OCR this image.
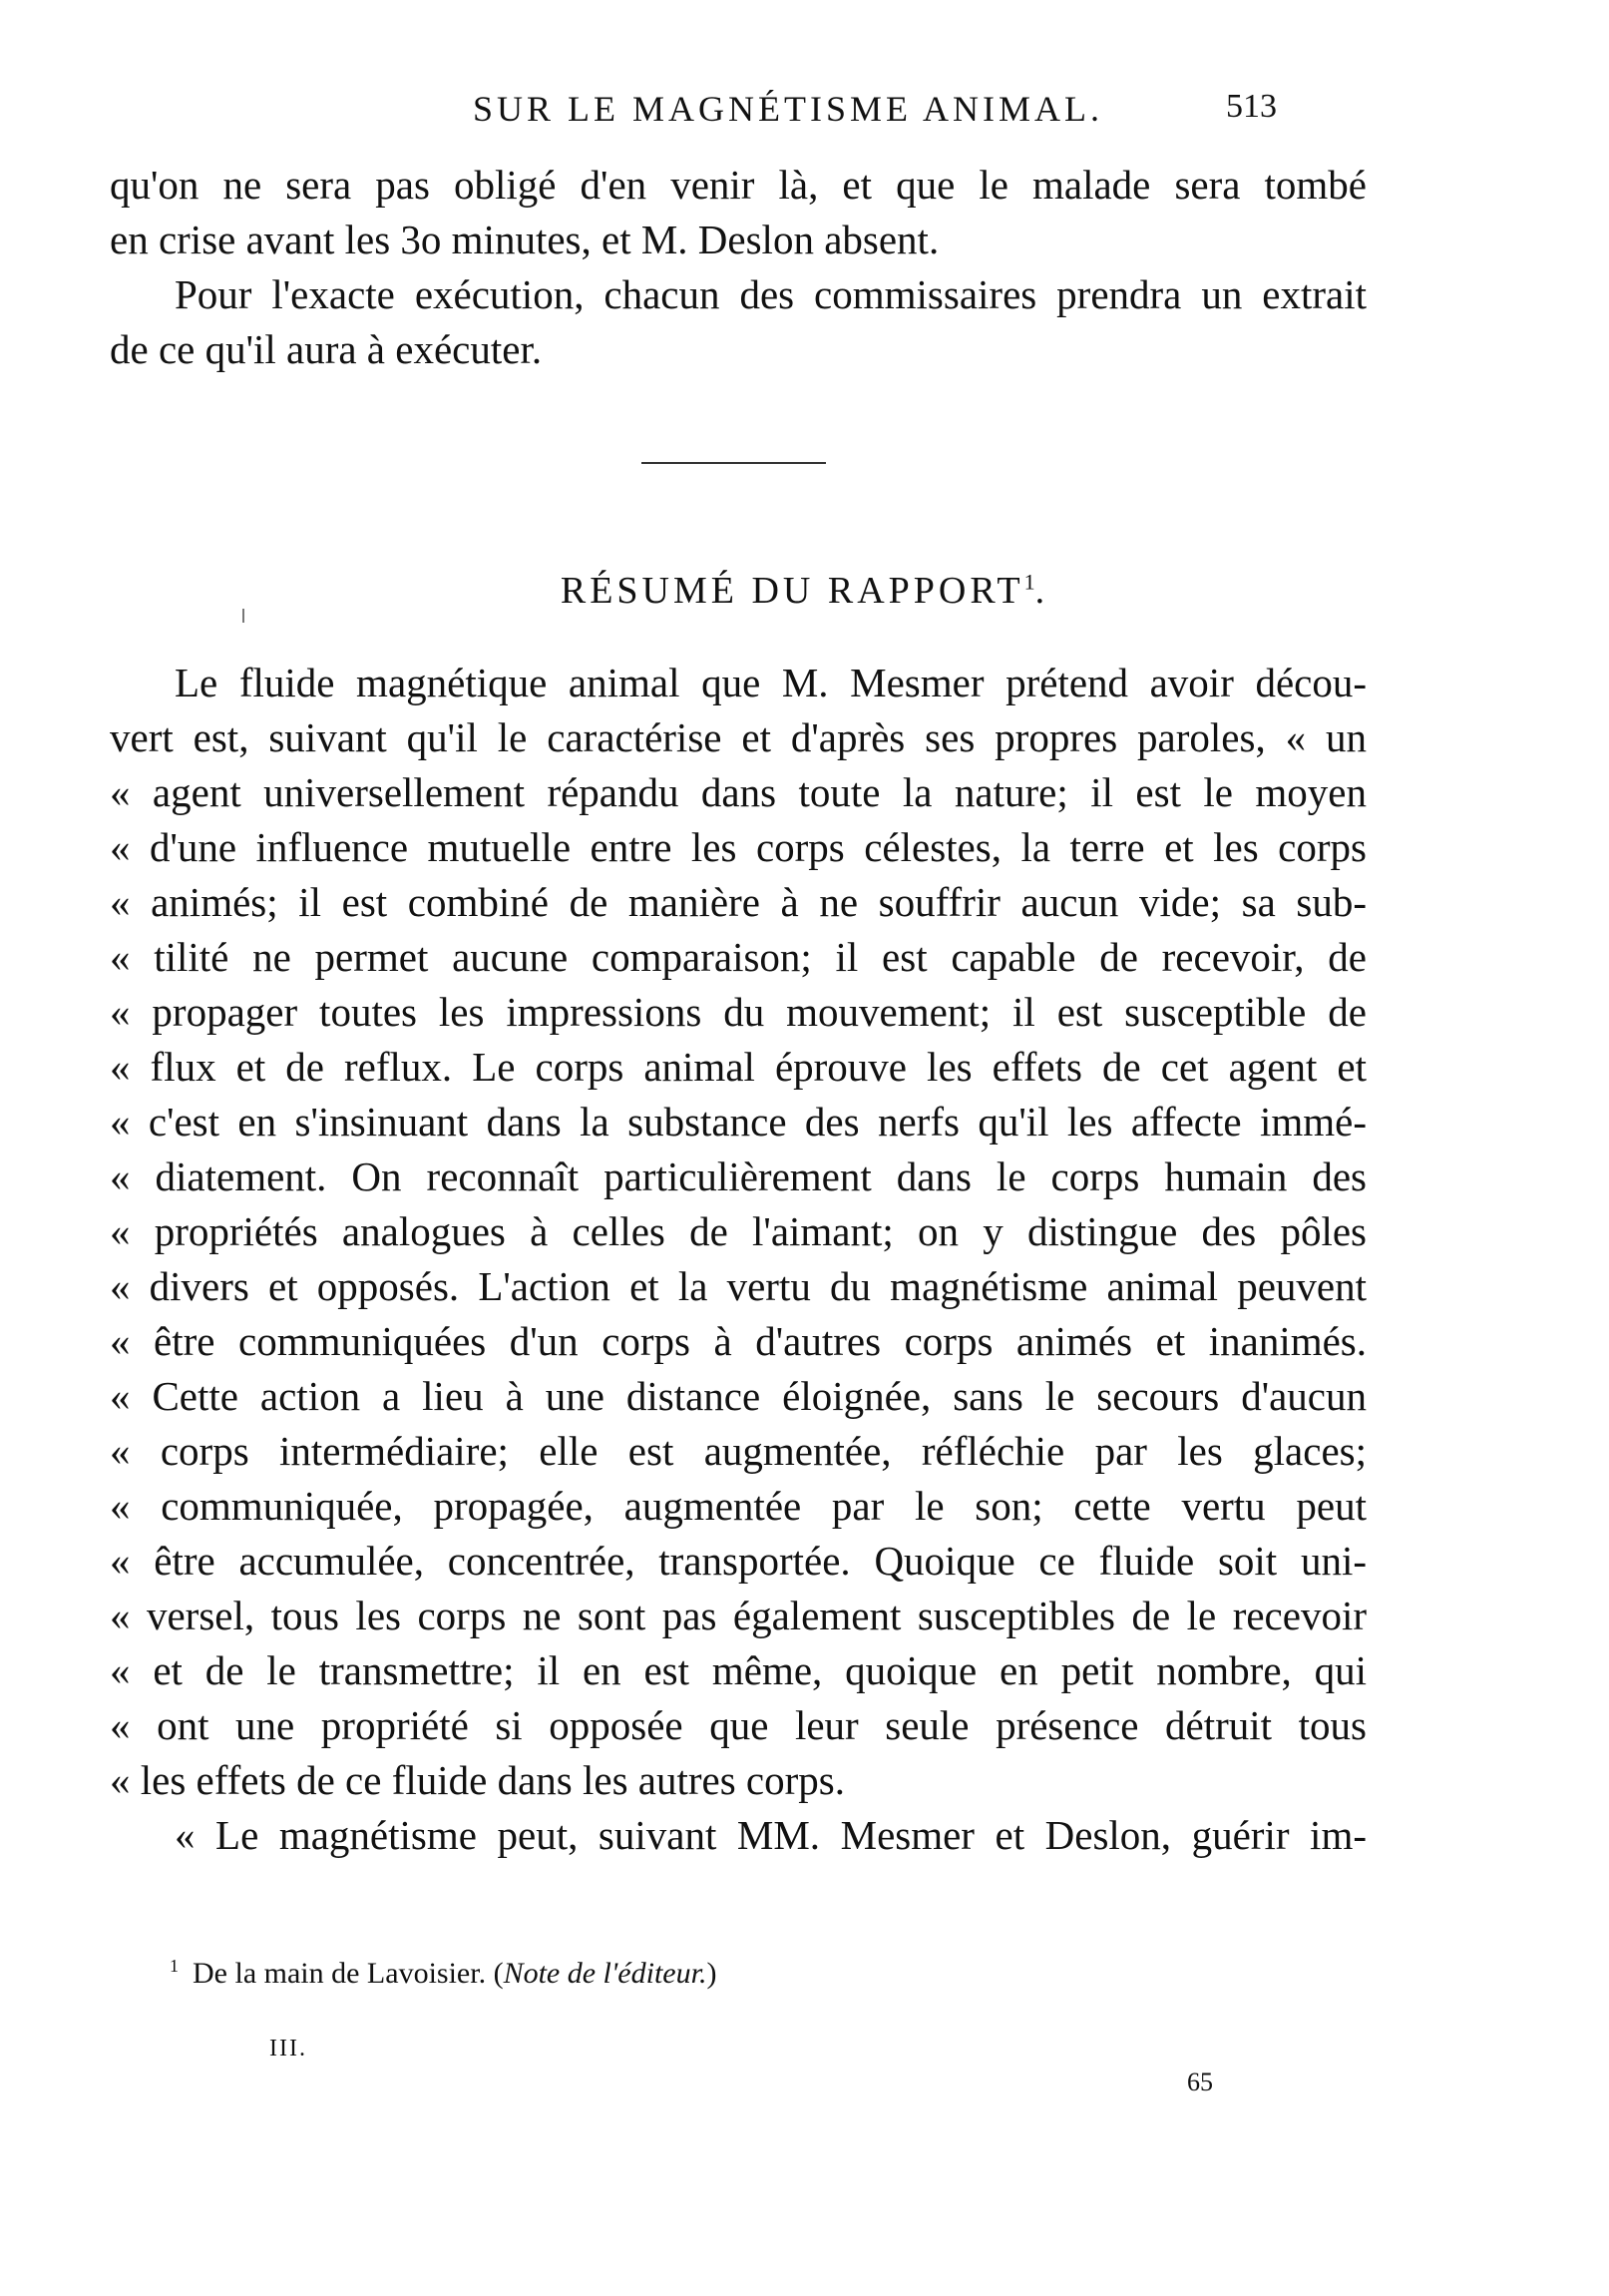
SUR LE MAGNÉTISME ANIMAL.	513
qu'on ne sera pas obligé d'en venir là, et que le malade sera tombé
en crise avant les 3o minutes, et M. Deslon absent.
Pour l'exacte exécution, chacun des commissaires prendra un extrait
de ce qu'il aura à exécuter.
RÉSUMÉ DU RAPPORT$^1$.
Le fluide magnétique animal que M. Mesmer prétend avoir décou-
vert est, suivant qu'il le caractérise et d'après ses propres paroles, « un
« agent universellement répandu dans toute la nature; il est le moyen
« d'une influence mutuelle entre les corps célestes, la terre et les corps
« animés; il est combiné de manière à ne souffrir aucun vide; sa sub-
« tilité ne permet aucune comparaison; il est capable de recevoir, de
« propager toutes les impressions du mouvement; il est susceptible de
« flux et de reflux. Le corps animal éprouve les effets de cet agent et
« c'est en s'insinuant dans la substance des nerfs qu'il les affecte immé-
« diatement. On reconnaît particulièrement dans le corps humain des
« propriétés analogues à celles de l'aimant; on y distingue des pôles
« divers et opposés. L'action et la vertu du magnétisme animal peuvent
« être communiquées d'un corps à d'autres corps animés et inanimés.
« Cette action a lieu à une distance éloignée, sans le secours d'aucun
« corps intermédiaire; elle est augmentée, réfléchie par les glaces;
« communiquée, propagée, augmentée par le son; cette vertu peut
« être accumulée, concentrée, transportée. Quoique ce fluide soit uni-
« versel, tous les corps ne sont pas également susceptibles de le recevoir
« et de le transmettre; il en est même, quoique en petit nombre, qui
« ont une propriété si opposée que leur seule présence détruit tous
« les effets de ce fluide dans les autres corps.
« Le magnétisme peut, suivant MM. Mesmer et Deslon, guérir im-
$^1$ De la main de Lavoisier. (Note de l'éditeur.)
III.
65
